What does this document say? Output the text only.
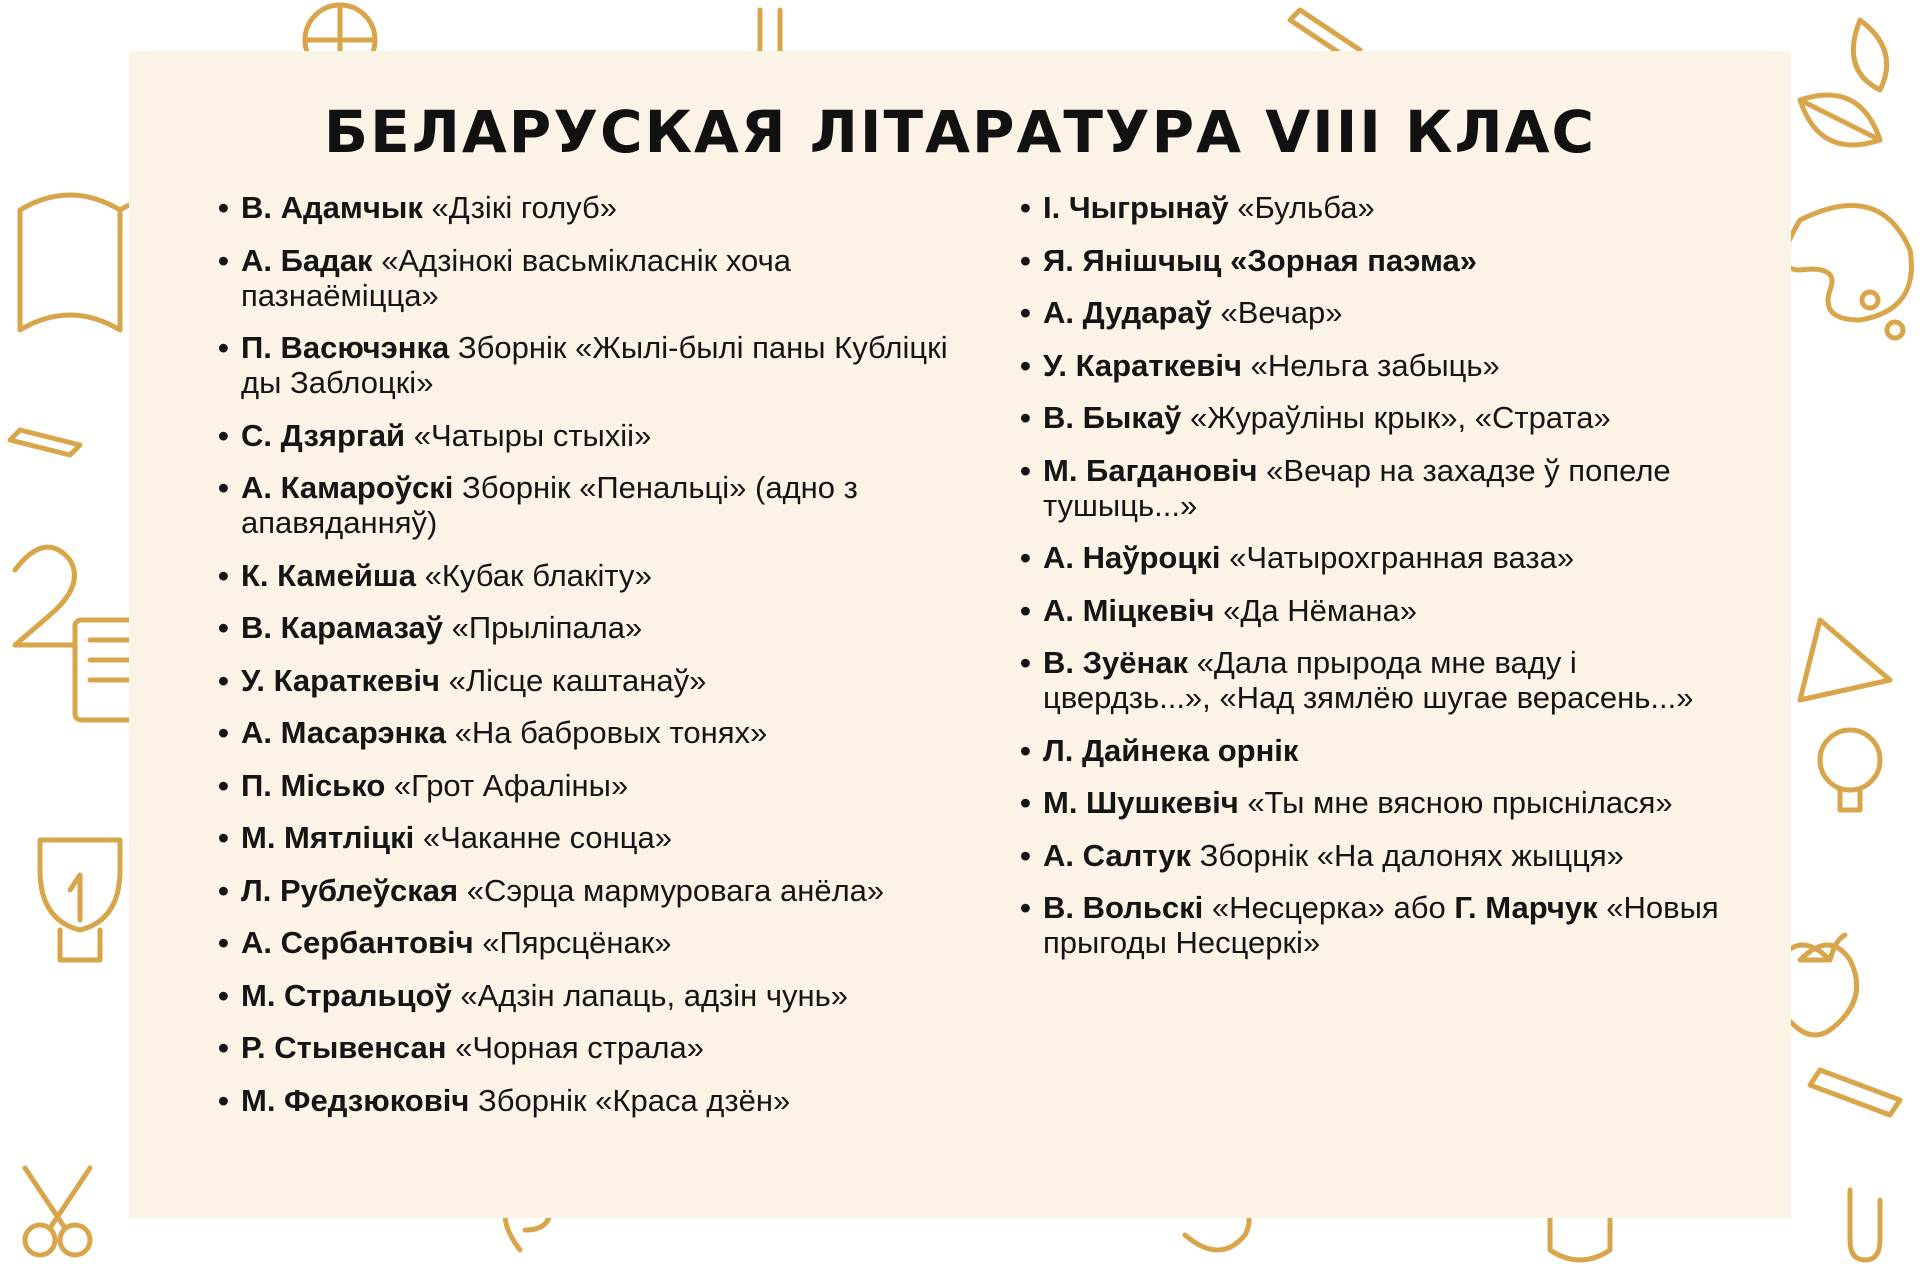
БЕЛАРУСКАЯ ЛІТАРАТУРА VIII КЛАС
• В. Адамчык «Дзікі голуб»
• А. Бадак «Адзінокі васьмікласнік хоча пазнаёміцца»
• П. Васючэнка Зборнік «Жылі-былі паны Кубліцкі ды Заблоцкі»
• С. Дзяргай «Чатыры стыхіі»
• А. Камароўскі Зборнік «Пенальці» (адно з апавяданняў)
• К. Камейша «Кубак блакіту»
• В. Карамазаў «Прыліпала»
• У. Караткевіч «Лісце каштанаў»
• А. Масарэнка «На бабровых тонях»
• П. Місько «Грот Афаліны»
• М. Мятліцкі «Чаканне сонца»
• Л. Рублеўская «Сэрца мармуровага анёла»
• А. Сербантовіч «Пярсцёнак»
• М. Стральцоў «Адзін лапаць, адзін чунь»
• Р. Стывенсан «Чорная страла»
• М. Федзюковіч Зборнік «Краса дзён»
• І. Чыгрынаў «Бульба»
• Я. Янішчыц «Зорная паэма»
• А. Дудараў «Вечар»
• У. Караткевіч «Нельга забыць»
• В. Быкаў «Жураўліны крык», «Страта»
• М. Багдановіч «Вечар на захадзе ў попеле тушыць...»
• А. Наўроцкі «Чатырохгранная ваза»
• А. Міцкевіч «Да Нёмана»
• В. Зуёнак «Дала прырода мне ваду і цвердзь...», «Над зямлёю шугае верасень...»
• Л. Дайнека орнік
• М. Шушкевіч «Ты мне вясною прыснілася»
• А. Салтук Зборнік «На далонях жыцця»
• В. Вольскі «Несцерка» або Г. Марчук «Новыя прыгоды Несцеркі»
